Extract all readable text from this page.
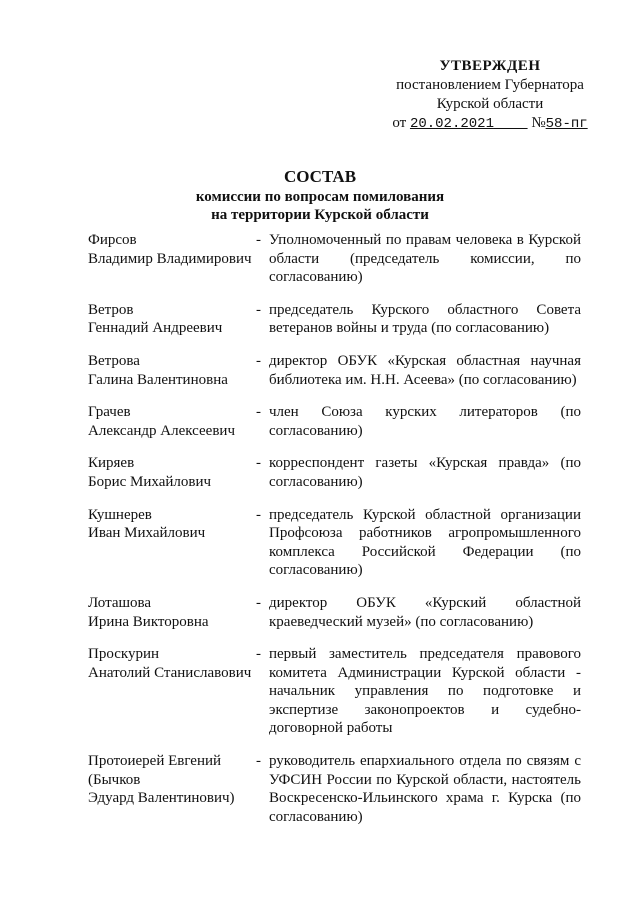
УТВЕРЖДЕН
постановлением Губернатора
Курской области
от 20.02.2021 №58-пг
СОСТАВ
комиссии по вопросам помилования
на территории Курской области
Фирсов
Владимир Владимирович
- Уполномоченный по правам человека в Курской области (председатель комиссии, по согласованию)
Ветров
Геннадий Андреевич
- председатель Курского областного Совета ветеранов войны и труда (по согласованию)
Ветрова
Галина Валентиновна
- директор ОБУК «Курская областная научная библиотека им. Н.Н. Асеева» (по согласованию)
Грачев
Александр Алексеевич
- член Союза курских литераторов (по согласованию)
Киряев
Борис Михайлович
- корреспондент газеты «Курская правда» (по согласованию)
Кушнерев
Иван Михайлович
- председатель Курской областной организации Профсоюза работников агропромышленного комплекса Российской Федерации (по согласованию)
Лоташова
Ирина Викторовна
- директор ОБУК «Курский областной краеведческий музей» (по согласованию)
Проскурин
Анатолий Станиславович
- первый заместитель председателя правового комитета Администрации Курской области - начальник управления по подготовке и экспертизе законопроектов и судебно-договорной работы
Протоиерей Евгений
(Бычков
Эдуард Валентинович)
- руководитель епархиального отдела по связям с УФСИН России по Курской области, настоятель Воскресенско-Ильинского храма г. Курска (по согласованию)
